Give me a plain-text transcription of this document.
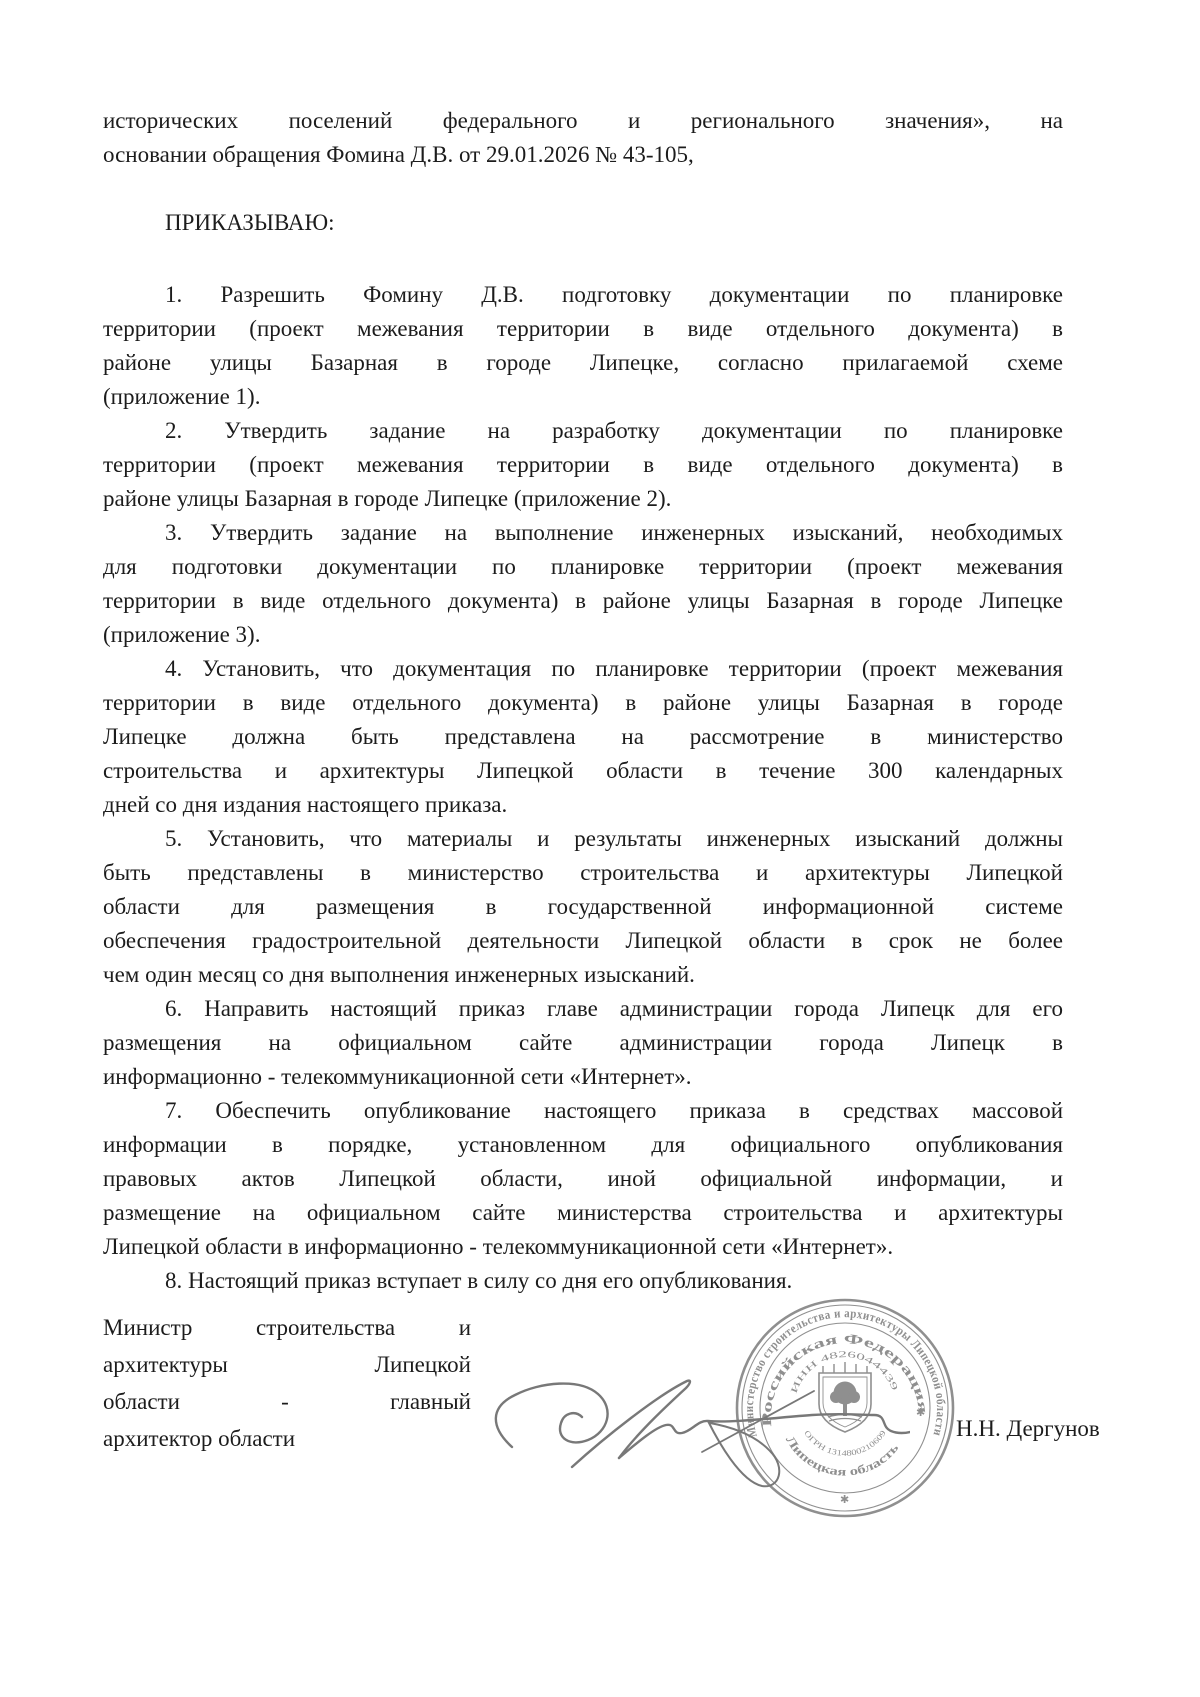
исторических поселений федерального и регионального значения», на
основании обращения Фомина Д.В. от 29.01.2026 № 43-105,
ПРИКАЗЫВАЮ:
1. Разрешить Фомину Д.В. подготовку документации по планировке
территории (проект межевания территории в виде отдельного документа) в
районе улицы Базарная в городе Липецке, согласно прилагаемой схеме
(приложение 1).
2. Утвердить задание на разработку документации по планировке
территории (проект межевания территории в виде отдельного документа) в
районе улицы Базарная в городе Липецке (приложение 2).
3. Утвердить задание на выполнение инженерных изысканий, необходимых
для подготовки документации по планировке территории (проект межевания
территории в виде отдельного документа) в районе улицы Базарная в городе Липецке
(приложение 3).
4. Установить, что документация по планировке территории (проект межевания
территории в виде отдельного документа) в районе улицы Базарная в городе
Липецке должна быть представлена на рассмотрение в министерство
строительства и архитектуры Липецкой области в течение 300 календарных
дней со дня издания настоящего приказа.
5. Установить, что материалы и результаты инженерных изысканий должны
быть представлены в министерство строительства и архитектуры Липецкой
области для размещения в государственной информационной системе
обеспечения градостроительной деятельности Липецкой области в срок не более
чем один месяц со дня выполнения инженерных изысканий.
6. Направить настоящий приказ главе администрации города Липецк для его
размещения на официальном сайте администрации города Липецк в
информационно - телекоммуникационной сети «Интернет».
7. Обеспечить опубликование настоящего приказа в средствах массовой
информации в порядке, установленном для официального опубликования
правовых актов Липецкой области, иной официальной информации, и
размещение на официальном сайте министерства строительства и архитектуры
Липецкой области в информационно - телекоммуникационной сети «Интернет».
8. Настоящий приказ вступает в силу со дня его опубликования.
Министр строительства и
архитектуры Липецкой
области - главный
архитектор области	Министерство строительства и архитектуры Липецкой области
Российская Федерация
ИНН 4826044439
ОГРН 1314800210609
Липецкая область
✱
✱
Н.Н. Дергунов
